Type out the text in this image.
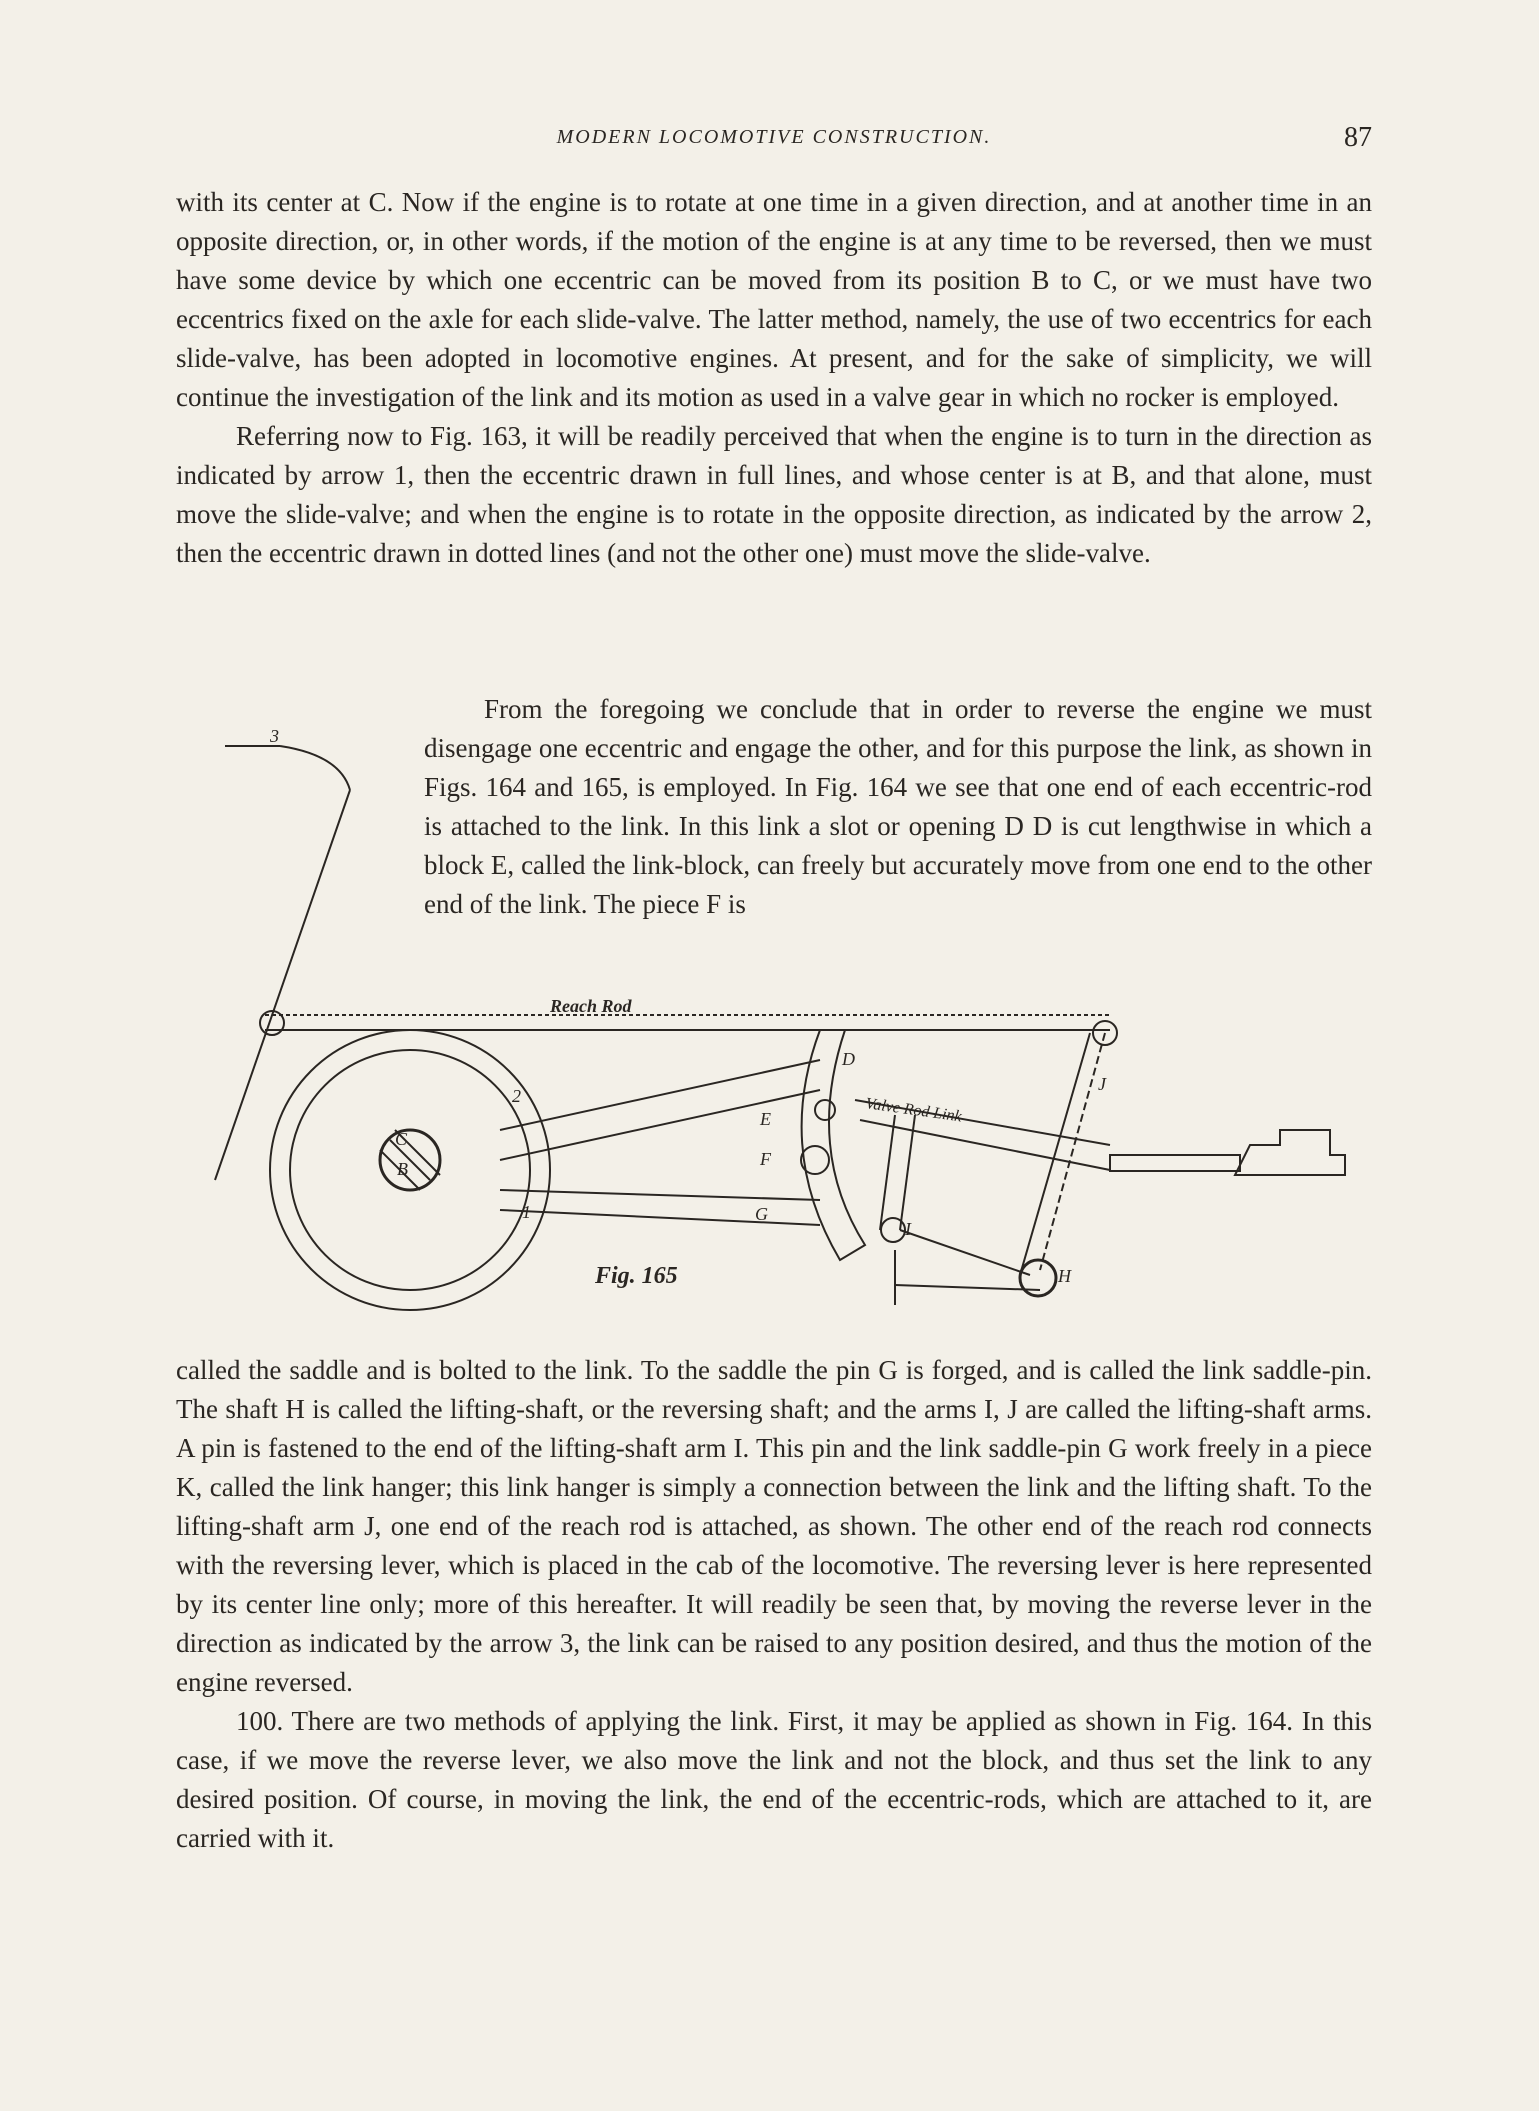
MODERN LOCOMOTIVE CONSTRUCTION.	87

with its center at C. Now if the engine is to rotate at one time in a given direction, and at another time in an opposite direction, or, in other words, if the motion of the engine is at any time to be reversed, then we must have some device by which one eccentric can be moved from its position B to C, or we must have two eccentrics fixed on the axle for each slide-valve. The latter method, namely, the use of two eccentrics for each slide-valve, has been adopted in locomotive engines. At present, and for the sake of simplicity, we will continue the investigation of the link and its motion as used in a valve gear in which no rocker is employed.

Referring now to Fig. 163, it will be readily perceived that when the engine is to turn in the direction as indicated by arrow 1, then the eccentric drawn in full lines, and whose center is at B, and that alone, must move the slide-valve; and when the engine is to rotate in the opposite direction, as indicated by the arrow 2, then the eccentric drawn in dotted lines (and not the other one) must move the slide-valve.

From the foregoing we conclude that in order to reverse the engine we must disengage one eccentric and engage the other, and for this purpose the link, as shown in Figs. 164 and 165, is employed. In Fig. 164 we see that one end of each eccentric-rod is attached to the link. In this link a slot or opening D D is cut lengthwise in which a block E, called the link-block, can freely but accurately move from one end to the other end of the link. The piece F is

3
Reach Rod
Valve Rod Link
2
1
C
B
D
E
F
G
J
I
H
Fig. 165

called the saddle and is bolted to the link. To the saddle the pin G is forged, and is called the link saddle-pin. The shaft H is called the lifting-shaft, or the reversing shaft; and the arms I, J are called the lifting-shaft arms. A pin is fastened to the end of the lifting-shaft arm I. This pin and the link saddle-pin G work freely in a piece K, called the link hanger; this link hanger is simply a connection between the link and the lifting shaft. To the lifting-shaft arm J, one end of the reach rod is attached, as shown. The other end of the reach rod connects with the reversing lever, which is placed in the cab of the locomotive. The reversing lever is here represented by its center line only; more of this hereafter. It will readily be seen that, by moving the reverse lever in the direction as indicated by the arrow 3, the link can be raised to any position desired, and thus the motion of the engine reversed.

100. There are two methods of applying the link. First, it may be applied as shown in Fig. 164. In this case, if we move the reverse lever, we also move the link and not the block, and thus set the link to any desired position. Of course, in moving the link, the end of the eccentric-rods, which are attached to it, are carried with it.
